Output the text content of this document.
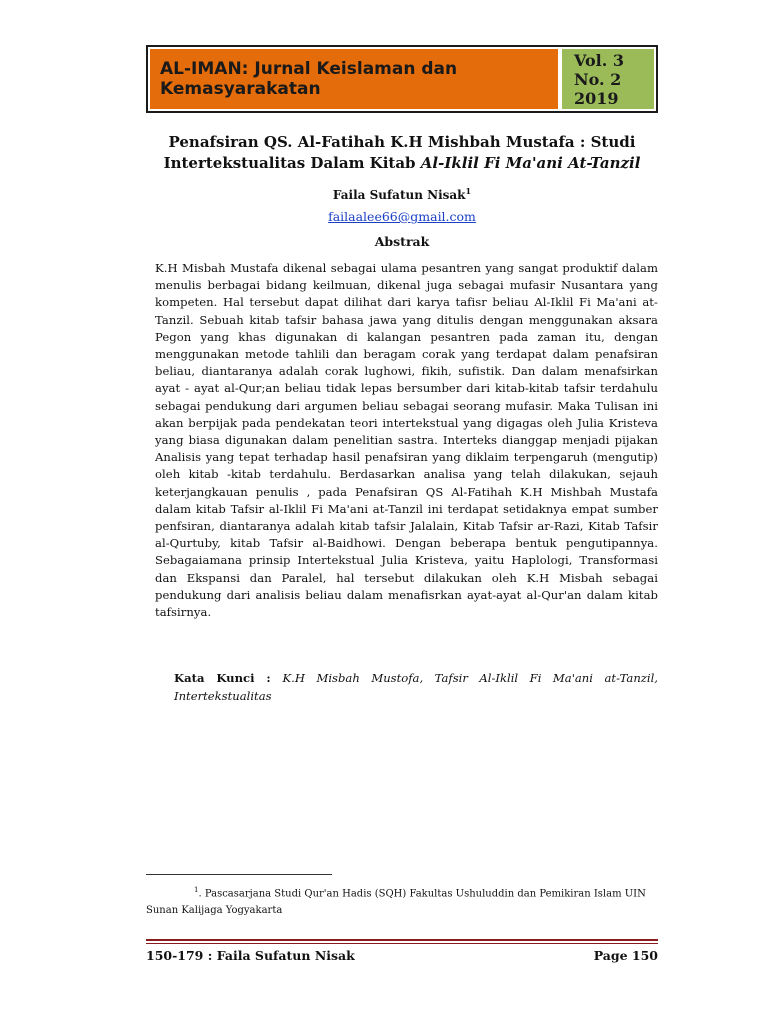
AL-IMAN: Jurnal Keislaman dan
Kemasyarakatan
Vol. 3
No. 2
2019
Penafsiran QS. Al-Fatihah K.H Mishbah Mustafa : Studi
Intertekstualitas Dalam Kitab Al-Iklil Fi Ma'ani At-Tanzil
Faila Sufatun Nisak$^1$
failaalee66@gmail.com
Abstrak

K.H Misbah Mustafa dikenal sebagai ulama pesantren yang sangat produktif dalam menulis berbagai bidang keilmuan, dikenal juga sebagai mufasir Nusantara yang kompeten. Hal tersebut dapat dilihat dari karya tafisr beliau Al-Iklil Fi Ma'ani at-Tanzil. Sebuah kitab tafsir bahasa jawa yang ditulis dengan menggunakan aksara Pegon yang khas digunakan di kalangan pesantren pada zaman itu, dengan menggunakan metode tahlili dan beragam corak yang terdapat dalam penafsiran beliau, diantaranya adalah corak lughowi, fikih, sufistik. Dan dalam menafsirkan ayat - ayat al-Qur;an beliau tidak lepas bersumber dari kitab-kitab tafsir terdahulu sebagai pendukung dari argumen beliau sebagai seorang mufasir. Maka Tulisan ini akan berpijak pada pendekatan teori intertekstual yang digagas oleh Julia Kristeva yang biasa digunakan dalam penelitian sastra. Interteks dianggap menjadi pijakan Analisis yang tepat terhadap hasil penafsiran yang diklaim terpengaruh (mengutip) oleh kitab -kitab terdahulu. Berdasarkan analisa yang telah dilakukan, sejauh keterjangkauan penulis , pada Penafsiran QS Al-Fatihah K.H Mishbah Mustafa dalam kitab Tafsir al-Iklil Fi Ma'ani at-Tanzil ini terdapat setidaknya empat sumber penfsiran, diantaranya adalah kitab tafsir Jalalain, Kitab Tafsir ar-Razi, Kitab Tafsir al-Qurtuby, kitab Tafsir al-Baidhowi. Dengan beberapa bentuk pengutipannya. Sebagaiamana prinsip Intertekstual Julia Kristeva, yaitu Haplologi, Transformasi dan Ekspansi dan Paralel, hal tersebut dilakukan oleh K.H Misbah sebagai pendukung dari analisis beliau dalam menafisrkan ayat-ayat al-Qur'an dalam kitab tafsirnya.

Kata Kunci : K.H Misbah Mustofa, Tafsir Al-Iklil Fi Ma'ani at-Tanzil, Intertekstualitas
$^1$. Pascasarjana Studi Qur'an Hadis (SQH) Fakultas Ushuluddin dan Pemikiran Islam UIN Sunan Kalijaga Yogyakarta
150-179 : Faila Sufatun Nisak	Page 150
